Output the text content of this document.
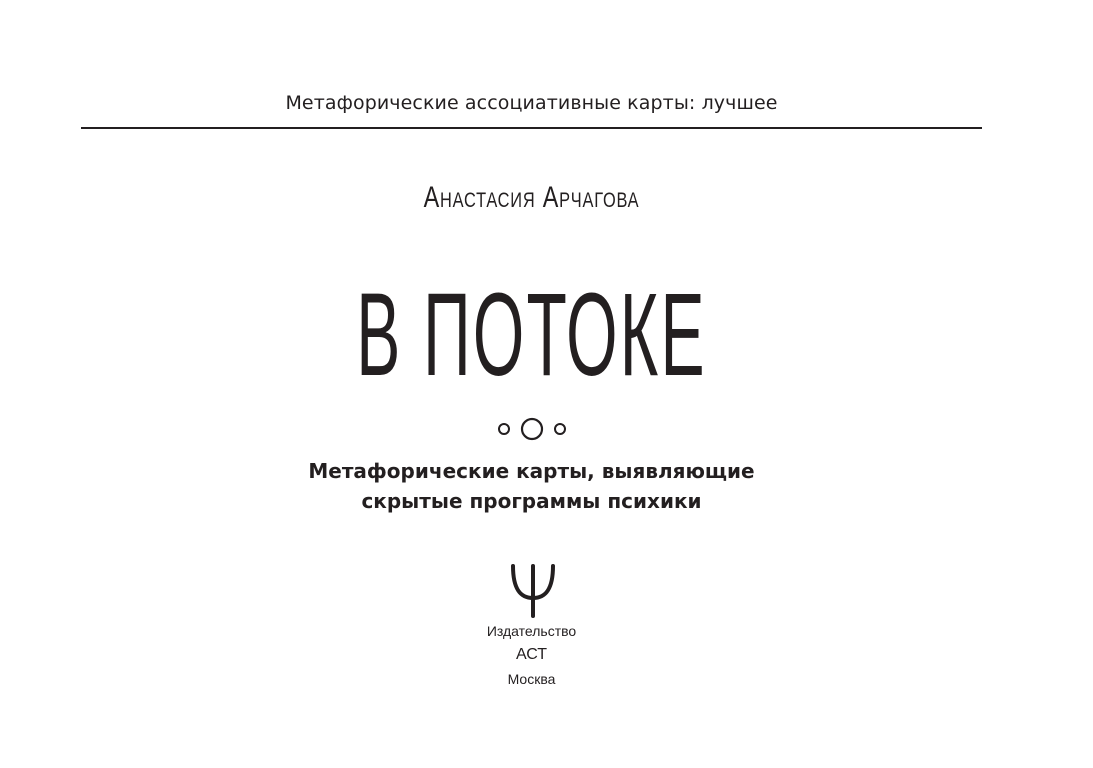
Метафорические ассоциативные карты: лучшее
Анастасия Арчагова
В ПОТОКЕ
Метафорические карты, выявляющие
скрытые программы психики
Издательство
АСТ
Москва
